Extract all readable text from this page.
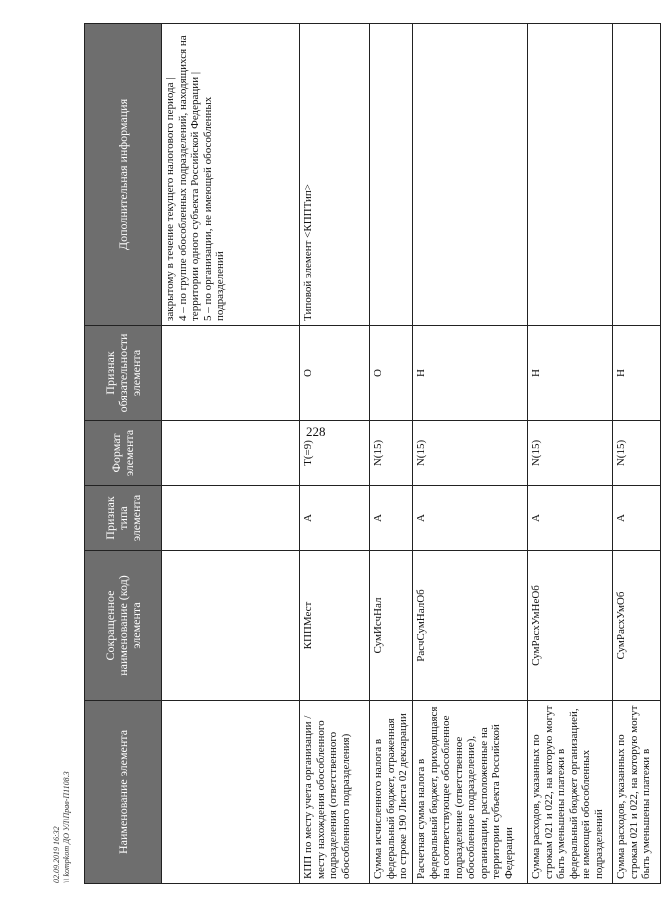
228
Наименование элемента	Сокращенное наименование (код) элемента	Признак типа элемента	Формат элемента	Признак обязательности элемента	Дополнительная информация
					закрытому в течение текущего налогового периода |
4 – по группе обособленных подразделений, находящихся на территории одного субъекта Российской Федерации |
5 – по организации, не имеющей обособленных подразделений
КПП по месту учета организации / месту нахождения обособленного подразделения (ответственного обособленного подразделения)	КППМест	А	T(=9)	О	Типовой элемент <КППТип>
Сумма исчисленного налога в федеральный бюджет, отраженная по строке 190 Листа 02 декларации	СумИсчНал	А	N(15)	О	
Расчетная сумма налога в федеральный бюджет, приходящаяся на соответствующее обособленное подразделение (ответственное обособленное подразделение), организации, расположенные на территории субъекта Российской Федерации	РасчСумНалОб	А	N(15)	Н	
Сумма расходов, указанных по строкам 021 и 022, на которую могут быть уменьшены платежи в федеральный бюджет организацией, не имеющей обособленных подразделений	СумРасхУмНеОб	А	N(15)	Н	
Сумма расходов, указанных по строкам 021 и 022, на которую могут быть уменьшены платежи в	СумРасхУмОб	А	N(15)	Н	
02.09.2019 16:32 \\ kompkom ДО УЛ\Прав-П1108.3
